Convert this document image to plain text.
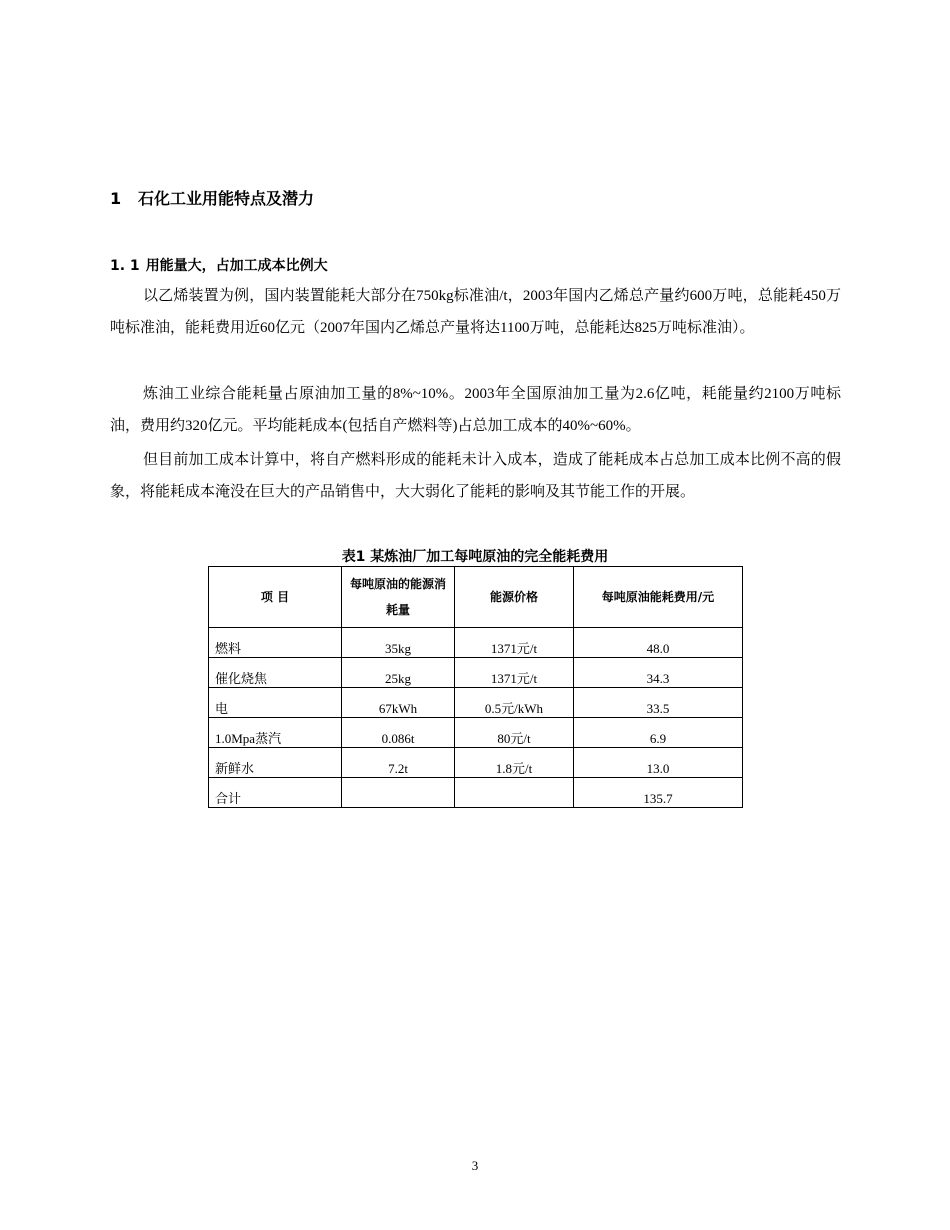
1 石化工业用能特点及潜力
1. 1 用能量大，占加工成本比例大

以乙烯装置为例，国内装置能耗大部分在750kg标准油/t，2003年国内乙烯总产量约600万吨，总能耗450万吨标准油，能耗费用近60亿元（2007年国内乙烯总产量将达1100万吨，总能耗达825万吨标准油）。

炼油工业综合能耗量占原油加工量的8%~10%。2003年全国原油加工量为2.6亿吨，耗能量约2100万吨标油，费用约320亿元。平均能耗成本(包括自产燃料等)占总加工成本的40%~60%。

但目前加工成本计算中，将自产燃料形成的能耗未计入成本，造成了能耗成本占总加工成本比例不高的假象，将能耗成本淹没在巨大的产品销售中，大大弱化了能耗的影响及其节能工作的开展。

表1 某炼油厂加工每吨原油的完全能耗费用
项 目	每吨原油的能源消耗量	能源价格	每吨原油能耗费用/元
燃料	35kg	1371元/t	48.0
催化烧焦	25kg	1371元/t	34.3
电	67kWh	0.5元/kWh	33.5
1.0Mpa蒸汽	0.086t	80元/t	6.9
新鲜水	7.2t	1.8元/t	13.0
合计			135.7
3
